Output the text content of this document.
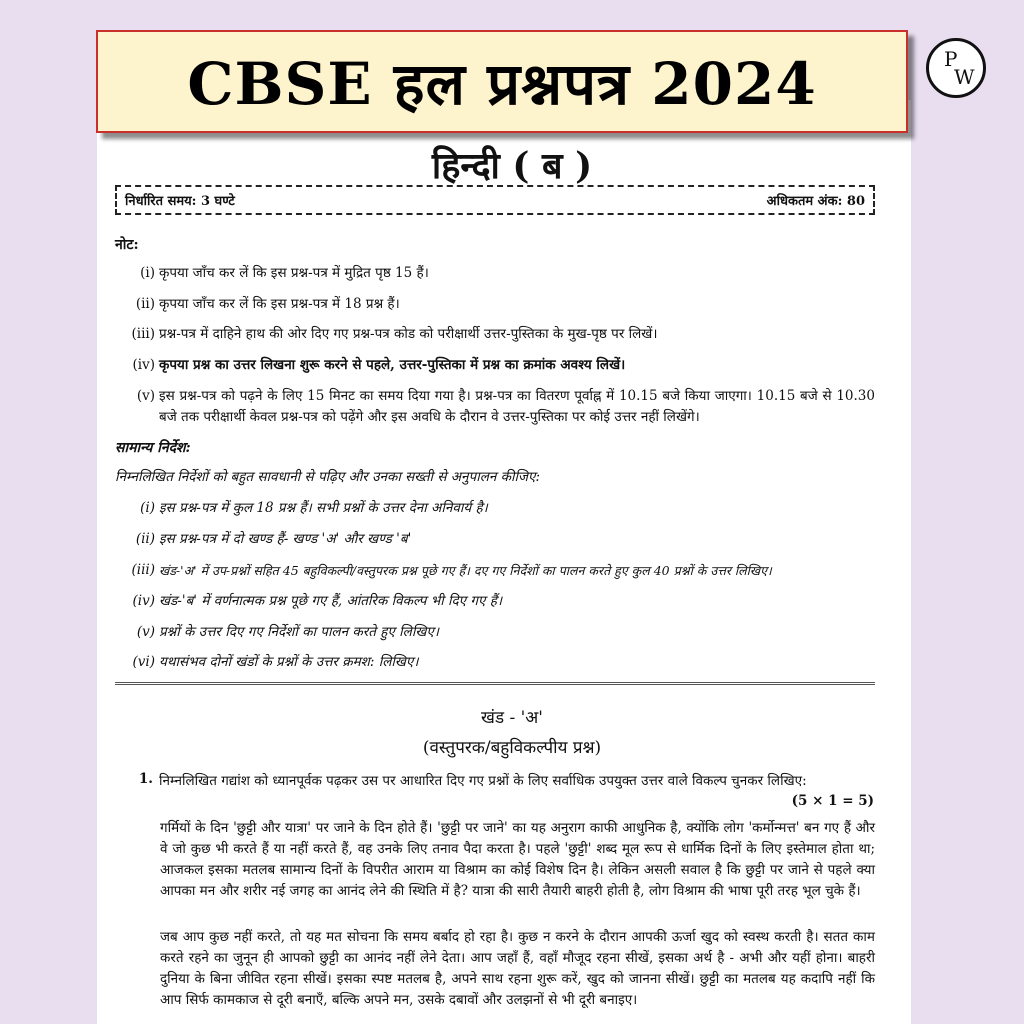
CBSE हल प्रश्नपत्र 2024	P
W
हिन्दी ( ब )
निर्धारित समय: 3 घण्टे	अधिकतम अंक: 80
नोट:
(i) कृपया जाँच कर लें कि इस प्रश्न-पत्र में मुद्रित पृष्ठ 15 हैं।
(ii) कृपया जाँच कर लें कि इस प्रश्न-पत्र में 18 प्रश्न हैं।
(iii) प्रश्न-पत्र में दाहिने हाथ की ओर दिए गए प्रश्न-पत्र कोड को परीक्षार्थी उत्तर-पुस्तिका के मुख-पृष्ठ पर लिखें।
(iv) कृपया प्रश्न का उत्तर लिखना शुरू करने से पहले, उत्तर-पुस्तिका में प्रश्न का क्रमांक अवश्य लिखें।
(v) इस प्रश्न-पत्र को पढ़ने के लिए 15 मिनट का समय दिया गया है। प्रश्न-पत्र का वितरण पूर्वाह्न में 10.15 बजे किया जाएगा। 10.15 बजे से 10.30 बजे तक परीक्षार्थी केवल प्रश्न-पत्र को पढ़ेंगे और इस अवधि के दौरान वे उत्तर-पुस्तिका पर कोई उत्तर नहीं लिखेंगे।
सामान्य निर्देश:
निम्नलिखित निर्देशों को बहुत सावधानी से पढ़िए और उनका सख्ती से अनुपालन कीजिए:
(i) इस प्रश्न-पत्र में कुल 18 प्रश्न हैं। सभी प्रश्नों के उत्तर देना अनिवार्य है।
(ii) इस प्रश्न-पत्र में दो खण्ड हैं- खण्ड 'अ' और खण्ड 'ब'
(iii) खंड-'अ' में उप-प्रश्नों सहित 45 बहुविकल्पी/वस्तुपरक प्रश्न पूछे गए हैं। दए गए निर्देशों का पालन करते हुए कुल 40 प्रश्नों के उत्तर लिखिए।
(iv) खंड-'ब' में वर्णनात्मक प्रश्न पूछे गए हैं, आंतरिक विकल्प भी दिए गए हैं।
(v) प्रश्नों के उत्तर दिए गए निर्देशों का पालन करते हुए लिखिए।
(vi) यथासंभव दोनों खंडों के प्रश्नों के उत्तर क्रमश: लिखिए।
खंड - 'अ'
(वस्तुपरक/बहुविकल्पीय प्रश्न)
1. निम्नलिखित गद्यांश को ध्यानपूर्वक पढ़कर उस पर आधारित दिए गए प्रश्नों के लिए सर्वाधिक उपयुक्त उत्तर वाले विकल्प चुनकर लिखिए:
(5 × 1 = 5)
गर्मियों के दिन 'छुट्टी और यात्रा' पर जाने के दिन होते हैं। 'छुट्टी पर जाने' का यह अनुराग काफी आधुनिक है, क्योंकि लोग 'कर्मोन्मत्त' बन गए हैं और वे जो कुछ भी करते हैं या नहीं करते हैं, वह उनके लिए तनाव पैदा करता है। पहले 'छुट्टी' शब्द मूल रूप से धार्मिक दिनों के लिए इस्तेमाल होता था; आजकल इसका मतलब सामान्य दिनों के विपरीत आराम या विश्राम का कोई विशेष दिन है। लेकिन असली सवाल है कि छुट्टी पर जाने से पहले क्या आपका मन और शरीर नई जगह का आनंद लेने की स्थिति में है? यात्रा की सारी तैयारी बाहरी होती है, लोग विश्राम की भाषा पूरी तरह भूल चुके हैं।
जब आप कुछ नहीं करते, तो यह मत सोचना कि समय बर्बाद हो रहा है। कुछ न करने के दौरान आपकी ऊर्जा खुद को स्वस्थ करती है। सतत काम करते रहने का जुनून ही आपको छुट्टी का आनंद नहीं लेने देता। आप जहाँ हैं, वहाँ मौजूद रहना सीखें, इसका अर्थ है - अभी और यहीं होना। बाहरी दुनिया के बिना जीवित रहना सीखें। इसका स्पष्ट मतलब है, अपने साथ रहना शुरू करें, खुद को जानना सीखें। छुट्टी का मतलब यह कदापि नहीं कि आप सिर्फ कामकाज से दूरी बनाएँ, बल्कि अपने मन, उसके दबावों और उलझनों से भी दूरी बनाइए।
